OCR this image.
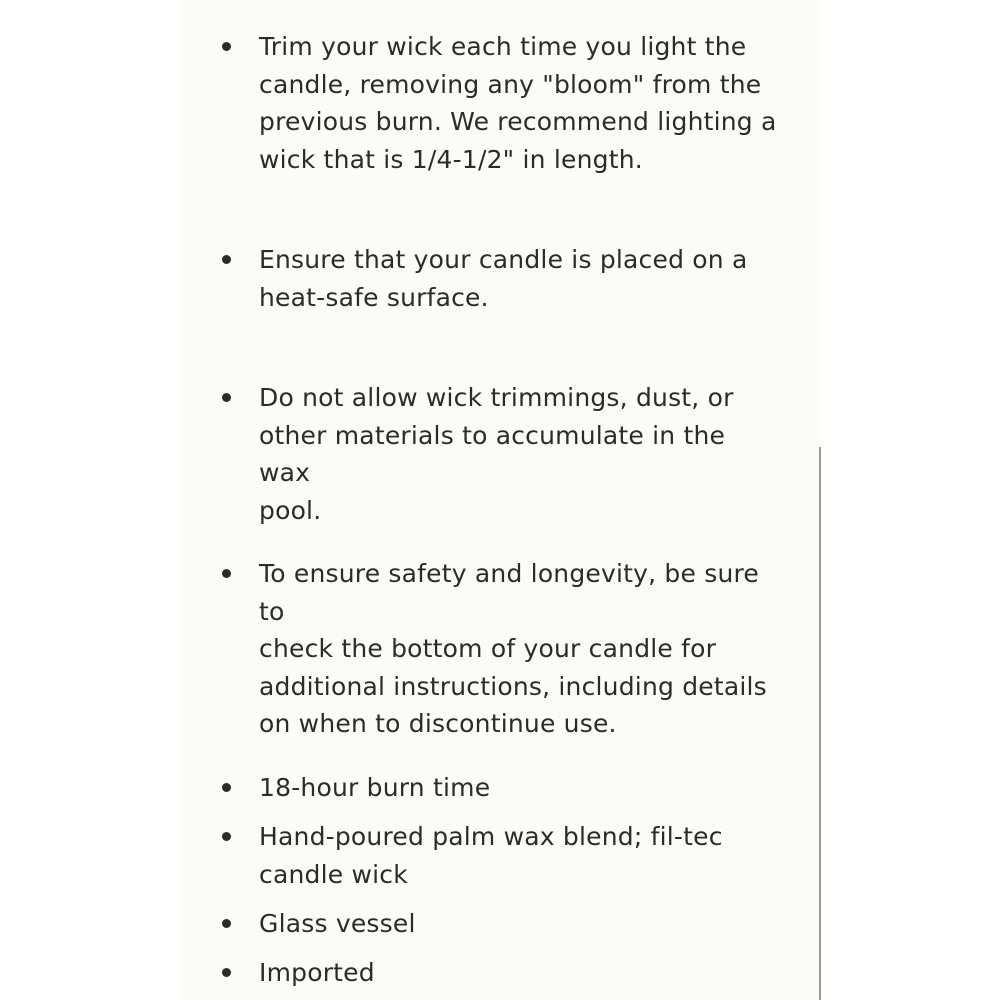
Trim your wick each time you light the
candle, removing any "bloom" from the
previous burn. We recommend lighting a
wick that is 1/4-1/2" in length.
Ensure that your candle is placed on a
heat-safe surface.
Do not allow wick trimmings, dust, or
other materials to accumulate in the wax
pool.
To ensure safety and longevity, be sure to
check the bottom of your candle for
additional instructions, including details
on when to discontinue use.
18-hour burn time
Hand-poured palm wax blend; fil-tec
candle wick
Glass vessel
Imported
